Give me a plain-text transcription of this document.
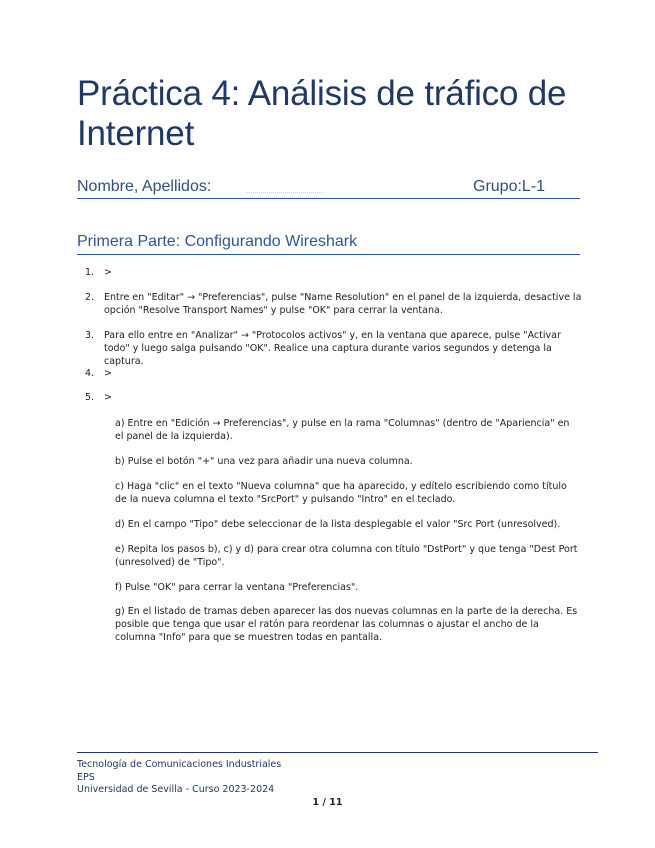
Práctica 4: Análisis de tráfico de Internet
Nombre, Apellidos:	Grupo:L-1
Primera Parte: Configurando Wireshark
1. >
2. Entre en "Editar" → "Preferencias", pulse "Name Resolution" en el panel de la izquierda, desactive la opción "Resolve Transport Names" y pulse "OK" para cerrar la ventana.
3. Para ello entre en "Analizar" → "Protocolos activos" y, en la ventana que aparece, pulse "Activar todo" y luego salga pulsando "OK". Realice una captura durante varios segundos y detenga la captura.
4. >
5. >
a) Entre en "Edición → Preferencias", y pulse en la rama "Columnas" (dentro de "Apariencia" en el panel de la izquierda).
b) Pulse el botón "+" una vez para añadir una nueva columna.
c) Haga "clic" en el texto "Nueva columna" que ha aparecido, y edítelo escribiendo como título de la nueva columna el texto "SrcPort" y pulsando "Intro" en el teclado.
d) En el campo "Tipo" debe seleccionar de la lista desplegable el valor "Src Port (unresolved).
e) Repita los pasos b), c) y d) para crear otra columna con título "DstPort" y que tenga "Dest Port (unresolved) de "Tipo".
f) Pulse "OK" para cerrar la ventana "Preferencias".
g) En el listado de tramas deben aparecer las dos nuevas columnas en la parte de la derecha. Es posible que tenga que usar el ratón para reordenar las columnas o ajustar el ancho de la columna "Info" para que se muestren todas en pantalla.
Tecnología de Comunicaciones Industriales
EPS
Universidad de Sevilla - Curso 2023-2024
1 / 11
